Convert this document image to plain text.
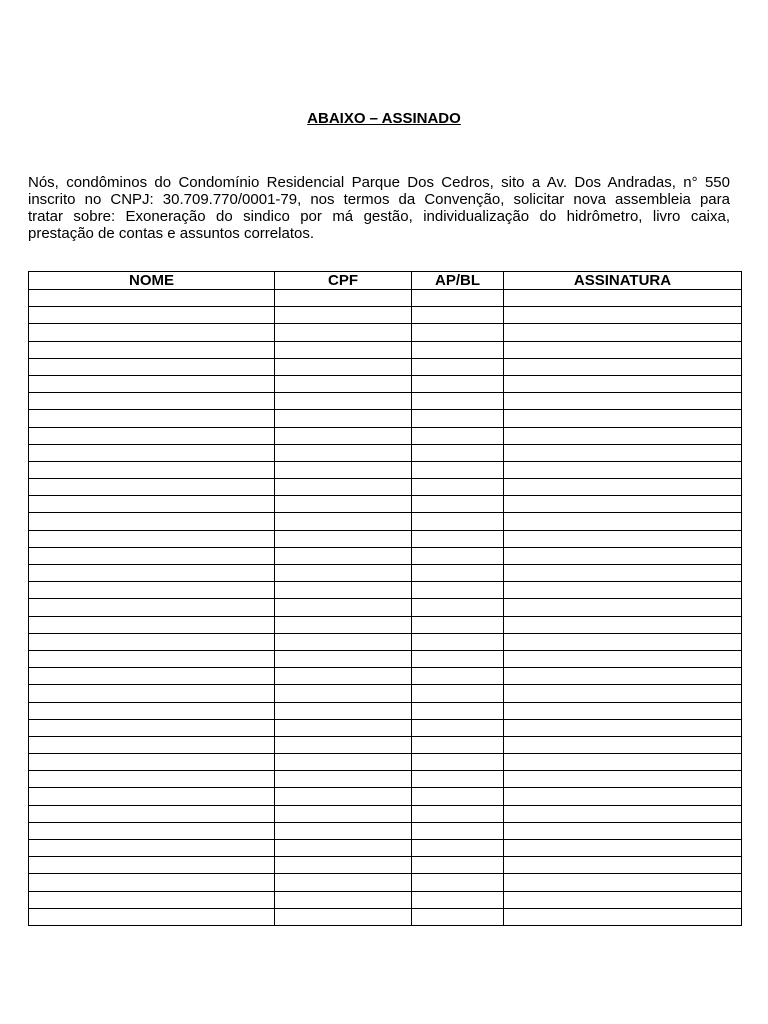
ABAIXO – ASSINADO

Nós, condôminos do Condomínio Residencial Parque Dos Cedros, sito a Av. Dos Andradas, n° 550
inscrito no CNPJ: 30.709.770/0001-79, nos termos da Convenção, solicitar nova assembleia para
tratar sobre: Exoneração do sindico por má gestão, individualização do hidrômetro, livro caixa,
prestação de contas e assuntos correlatos.

NOME	CPF	AP/BL	ASSINATURA
